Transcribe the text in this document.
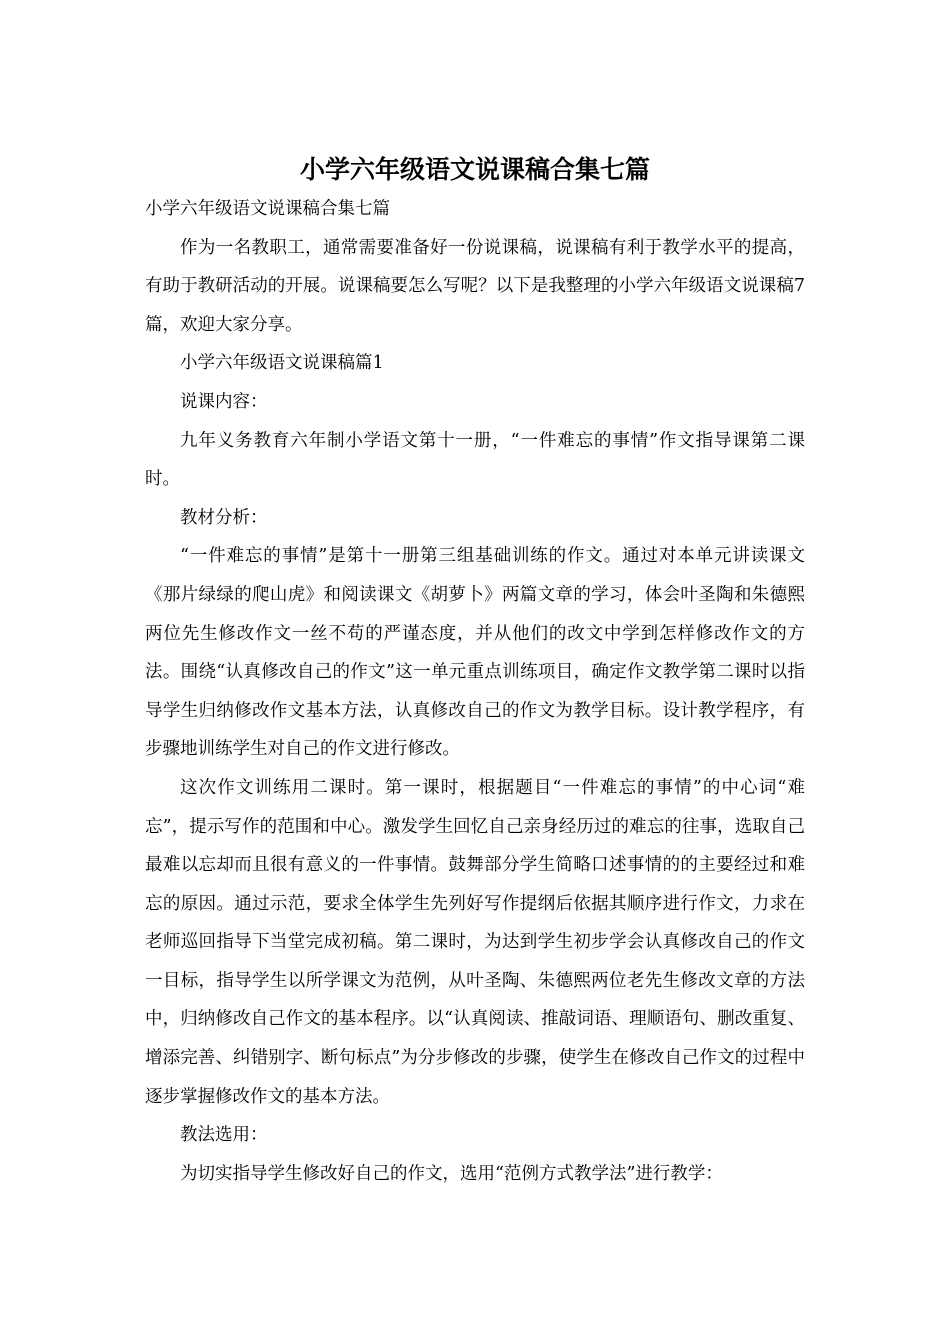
小学六年级语文说课稿合集七篇
小学六年级语文说课稿合集七篇

作为一名教职工，通常需要准备好一份说课稿，说课稿有利于教学水平的提高，有助于教研活动的开展。说课稿要怎么写呢？以下是我整理的小学六年级语文说课稿7篇，欢迎大家分享。

小学六年级语文说课稿篇1

说课内容：

九年义务教育六年制小学语文第十一册，“一件难忘的事情”作文指导课第二课时。

教材分析：

“一件难忘的事情”是第十一册第三组基础训练的作文。通过对本单元讲读课文《那片绿绿的爬山虎》和阅读课文《胡萝卜》两篇文章的学习，体会叶圣陶和朱德熙两位先生修改作文一丝不苟的严谨态度，并从他们的改文中学到怎样修改作文的方法。围绕“认真修改自己的作文”这一单元重点训练项目，确定作文教学第二课时以指导学生归纳修改作文基本方法，认真修改自己的作文为教学目标。设计教学程序，有步骤地训练学生对自己的作文进行修改。

这次作文训练用二课时。第一课时，根据题目“一件难忘的事情”的中心词“难忘”，提示写作的范围和中心。激发学生回忆自己亲身经历过的难忘的往事，选取自己最难以忘却而且很有意义的一件事情。鼓舞部分学生简略口述事情的的主要经过和难忘的原因。通过示范，要求全体学生先列好写作提纲后依据其顺序进行作文，力求在老师巡回指导下当堂完成初稿。第二课时，为达到学生初步学会认真修改自己的作文一目标，指导学生以所学课文为范例，从叶圣陶、朱德熙两位老先生修改文章的方法中，归纳修改自己作文的基本程序。以“认真阅读、推敲词语、理顺语句、删改重复、增添完善、纠错别字、断句标点”为分步修改的步骤，使学生在修改自己作文的过程中逐步掌握修改作文的基本方法。

教法选用：

为切实指导学生修改好自己的作文，选用“范例方式教学法”进行教学：
